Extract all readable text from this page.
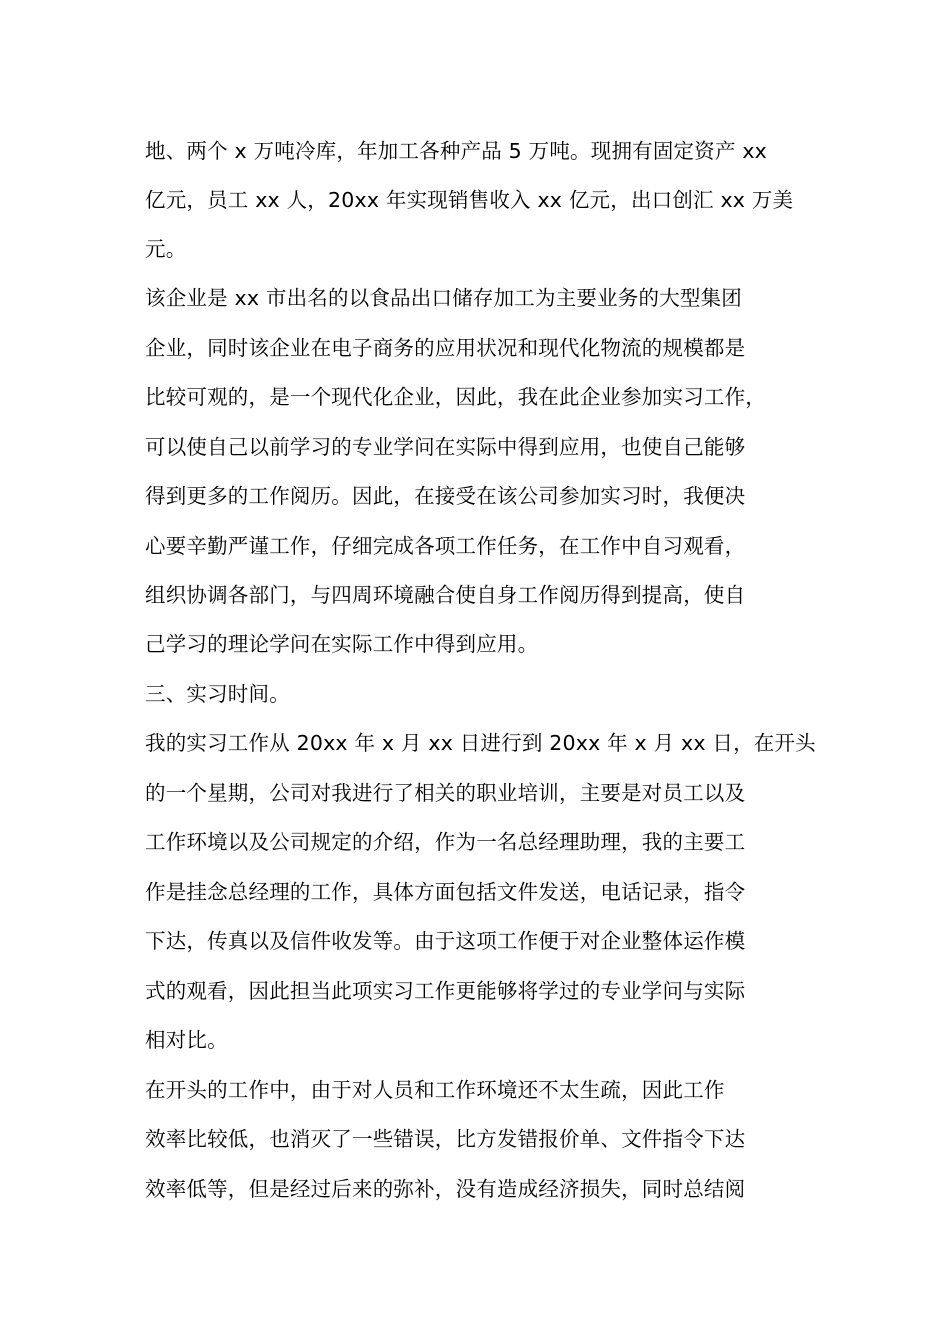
地、两个 x 万吨冷库，年加工各种产品 5 万吨。现拥有固定资产 xx
亿元，员工 xx 人，20xx 年实现销售收入 xx 亿元，出口创汇 xx 万美
元。
该企业是 xx 市出名的以食品出口储存加工为主要业务的大型集团
企业，同时该企业在电子商务的应用状况和现代化物流的规模都是
比较可观的，是一个现代化企业，因此，我在此企业参加实习工作，
可以使自己以前学习的专业学问在实际中得到应用，也使自己能够
得到更多的工作阅历。因此，在接受在该公司参加实习时，我便决
心要辛勤严谨工作，仔细完成各项工作任务，在工作中自习观看，
组织协调各部门，与四周环境融合使自身工作阅历得到提高，使自
己学习的理论学问在实际工作中得到应用。
三、实习时间。
我的实习工作从 20xx 年 x 月 xx 日进行到 20xx 年 x 月 xx 日，在开头
的一个星期，公司对我进行了相关的职业培训，主要是对员工以及
工作环境以及公司规定的介绍，作为一名总经理助理，我的主要工
作是挂念总经理的工作，具体方面包括文件发送，电话记录，指令
下达，传真以及信件收发等。由于这项工作便于对企业整体运作模
式的观看，因此担当此项实习工作更能够将学过的专业学问与实际
相对比。
在开头的工作中，由于对人员和工作环境还不太生疏，因此工作
效率比较低，也消灭了一些错误，比方发错报价单、文件指令下达
效率低等，但是经过后来的弥补，没有造成经济损失，同时总结阅
